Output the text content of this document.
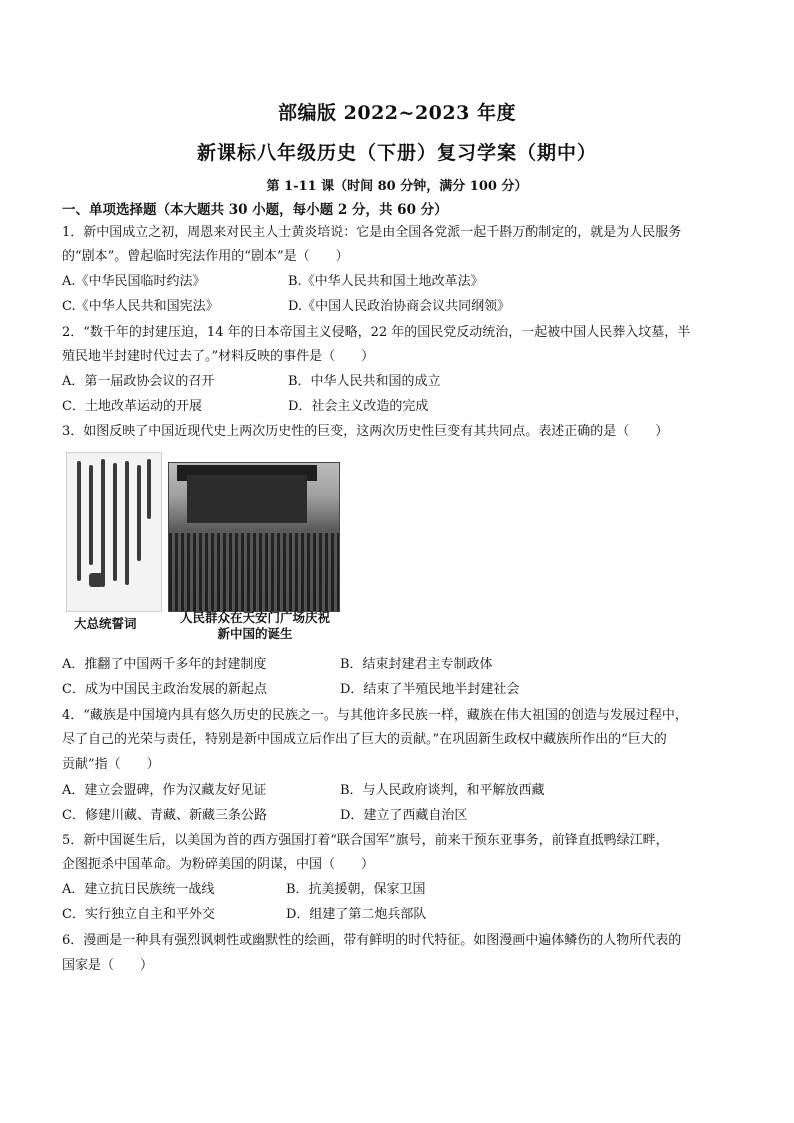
部编版 2022~2023 年度
新课标八年级历史（下册）复习学案（期中）
第 1-11 课（时间 80 分钟，满分 100 分）
一、单项选择题（本大题共 30 小题，每小题 2 分，共 60 分）
1．新中国成立之初，周恩来对民主人士黄炎培说：它是由全国各党派一起千斟万酌制定的，就是为人民服务
的“剧本”。曾起临时宪法作用的“剧本”是（　　）
A.《中华民国临时约法》	B.《中华人民共和国土地改革法》
C.《中华人民共和国宪法》	D.《中国人民政治协商会议共同纲领》
2．“数千年的封建压迫，14 年的日本帝国主义侵略，22 年的国民党反动统治，一起被中国人民葬入坟墓，半
殖民地半封建时代过去了。”材料反映的事件是（　　）
A．第一届政协会议的召开	B．中华人民共和国的成立
C．土地改革运动的开展	D．社会主义改造的完成
3．如图反映了中国近现代史上两次历史性的巨变，这两次历史性巨变有其共同点。表述正确的是（　　）
大总统誓词	人民群众在天安门广场庆祝
新中国的诞生
A．推翻了中国两千多年的封建制度	B．结束封建君主专制政体
C．成为中国民主政治发展的新起点	D．结束了半殖民地半封建社会
4．“藏族是中国境内具有悠久历史的民族之一。与其他许多民族一样，藏族在伟大祖国的创造与发展过程中，
尽了自己的光荣与责任，特别是新中国成立后作出了巨大的贡献。”在巩固新生政权中藏族所作出的“巨大的
贡献”指（　　）
A．建立会盟碑，作为汉藏友好见证	B．与人民政府谈判，和平解放西藏
C．修建川藏、青藏、新藏三条公路	D．建立了西藏自治区
5．新中国诞生后，以美国为首的西方强国打着“联合国军”旗号，前来干预东亚事务，前锋直抵鸭绿江畔，
企图扼杀中国革命。为粉碎美国的阴谋，中国（　　）
A．建立抗日民族统一战线	B．抗美援朝，保家卫国
C．实行独立自主和平外交	D．组建了第二炮兵部队
6．漫画是一种具有强烈讽刺性或幽默性的绘画，带有鲜明的时代特征。如图漫画中遍体鳞伤的人物所代表的
国家是（　　）
